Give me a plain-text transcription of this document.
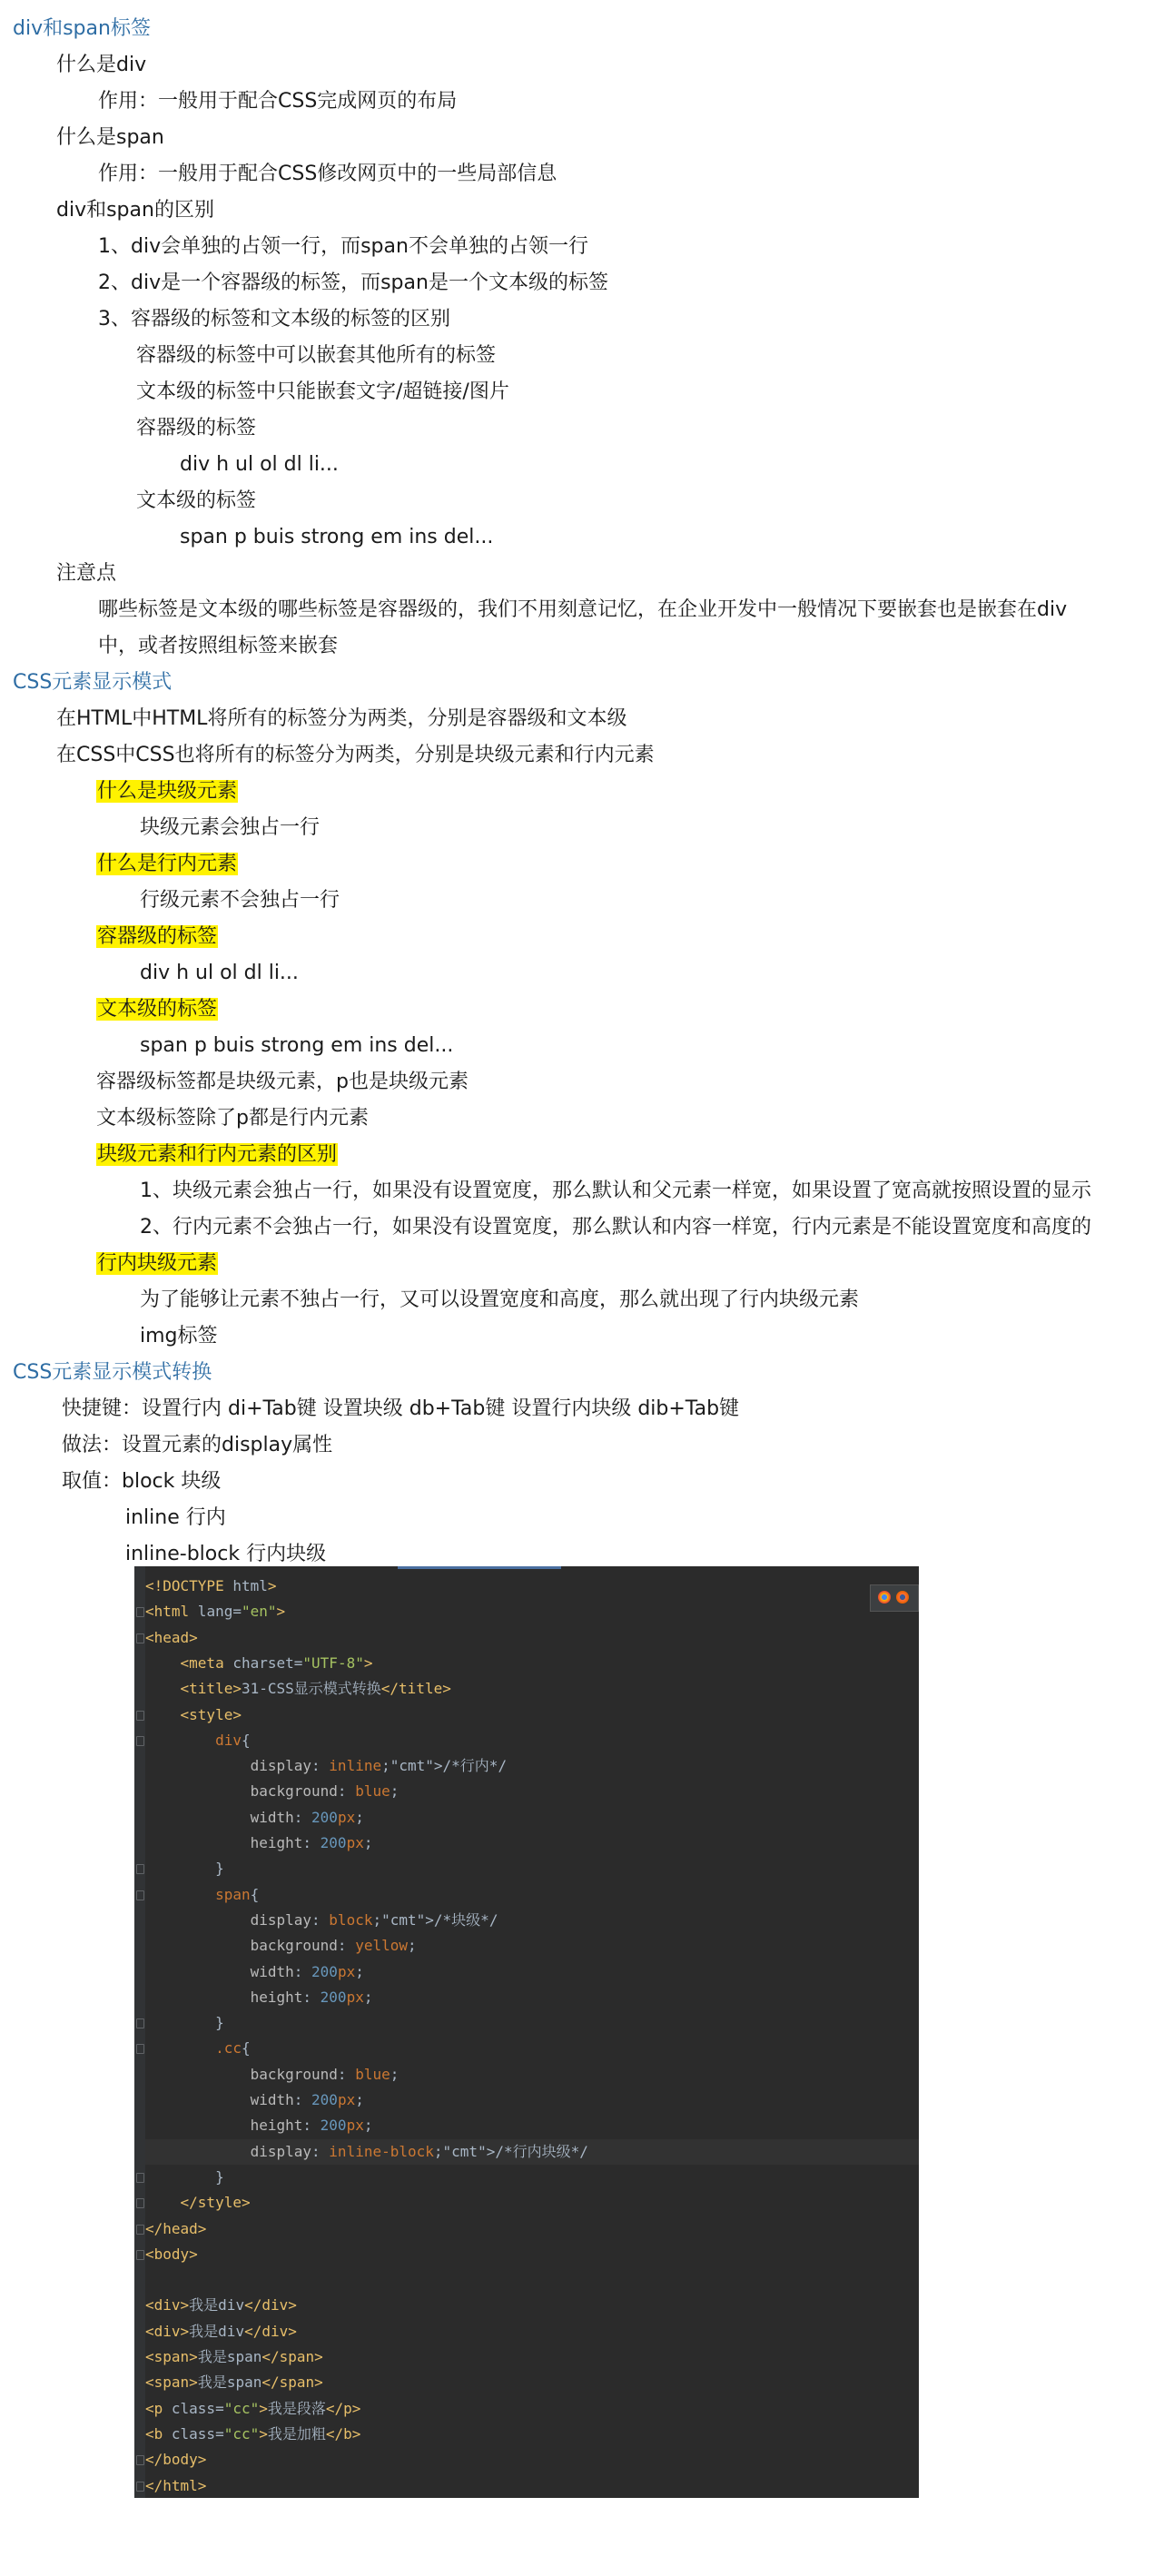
div和span标签
什么是div
作用：一般用于配合CSS完成网页的布局
什么是span
作用：一般用于配合CSS修改网页中的一些局部信息
div和span的区别
1、div会单独的占领一行，而span不会单独的占领一行
2、div是一个容器级的标签，而span是一个文本级的标签
3、容器级的标签和文本级的标签的区别
容器级的标签中可以嵌套其他所有的标签
文本级的标签中只能嵌套文字/超链接/图片
容器级的标签
div h ul ol dl li...
文本级的标签
span p buis strong em ins del...
注意点
哪些标签是文本级的哪些标签是容器级的，我们不用刻意记忆，在企业开发中一般情况下要嵌套也是嵌套在div
中，或者按照组标签来嵌套
CSS元素显示模式
在HTML中HTML将所有的标签分为两类，分别是容器级和文本级
在CSS中CSS也将所有的标签分为两类，分别是块级元素和行内元素
什么是块级元素
块级元素会独占一行
什么是行内元素
行级元素不会独占一行
容器级的标签
div h ul ol dl li...
文本级的标签
span p buis strong em ins del...
容器级标签都是块级元素，p也是块级元素
文本级标签除了p都是行内元素
块级元素和行内元素的区别
1、块级元素会独占一行，如果没有设置宽度，那么默认和父元素一样宽，如果设置了宽高就按照设置的显示
2、行内元素不会独占一行，如果没有设置宽度，那么默认和内容一样宽，行内元素是不能设置宽度和高度的
行内块级元素
为了能够让元素不独占一行，又可以设置宽度和高度，那么就出现了行内块级元素
img标签
CSS元素显示模式转换
快捷键：设置行内 di+Tab键 设置块级 db+Tab键 设置行内块级 dib+Tab键
做法：设置元素的display属性
取值：block 块级
inline 行内
inline-block 行内块级
<!DOCTYPE html>
<html lang="en">
<head>
<meta charset="UTF-8">
<title>31-CSS显示模式转换</title>
<style>
div{
display: inline;"cmt">/*行内*/
background: blue;
width: 200px;
height: 200px;
}
span{
display: block;"cmt">/*块级*/
background: yellow;
width: 200px;
height: 200px;
}
.cc{
background: blue;
width: 200px;
height: 200px;
display: inline-block;"cmt">/*行内块级*/
}
</style>
</head>
<body>
<div>我是div</div>
<div>我是div</div>
<span>我是span</span>
<span>我是span</span>
<p class="cc">我是段落</p>
<b class="cc">我是加粗</b>
</body>
</html>
